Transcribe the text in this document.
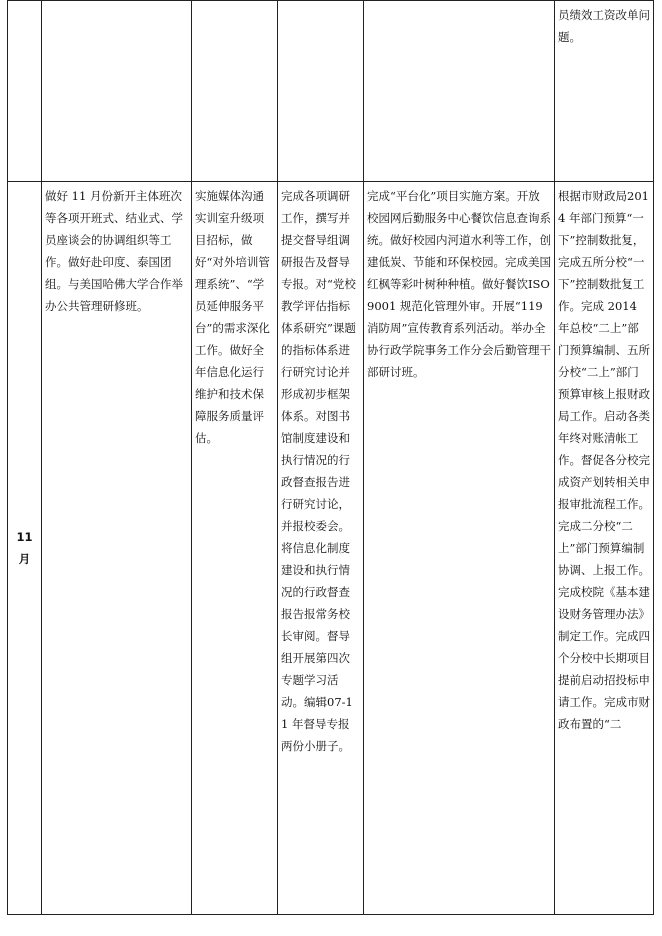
					员绩效工资改单问题。
11月	做好 11 月份新开主体班次等各项开班式、结业式、学员座谈会的协调组织等工作。做好赴印度、泰国团组。与美国哈佛大学合作举办公共管理研修班。	实施媒体沟通实训室升级项目招标，做好“对外培训管理系统”、“学员延伸服务平台”的需求深化工作。做好全年信息化运行维护和技术保障服务质量评估。	完成各项调研工作，撰写并提交督导组调研报告及督导专报。对“党校教学评估指标体系研究”课题的指标体系进行研究讨论并形成初步框架体系。对图书馆制度建设和执行情况的行政督查报告进行研究讨论，并报校委会。将信息化制度建设和执行情况的行政督查报告报常务校长审阅。督导组开展第四次专题学习活动。编辑07-11 年督导专报两份小册子。	完成“平台化”项目实施方案。开放校园网后勤服务中心餐饮信息查询系统。做好校园内河道水利等工作，创建低炭、节能和环保校园。完成美国红枫等彩叶树种种植。做好餐饮ISO9001 规范化管理外审。开展“119 消防周”宣传教育系列活动。举办全协行政学院事务工作分会后勤管理干部研讨班。	根据市财政局2014 年部门预算“一下”控制数批复，完成五所分校“一下”控制数批复工作。完成 2014 年总校“二上”部门预算编制、五所分校“二上”部门预算审核上报财政局工作。启动各类年终对账清帐工作。督促各分校完成资产划转相关申报审批流程工作。完成二分校“二上”部门预算编制协调、上报工作。完成校院《基本建设财务管理办法》制定工作。完成四个分校中长期项目提前启动招投标申请工作。完成市财政布置的“二
